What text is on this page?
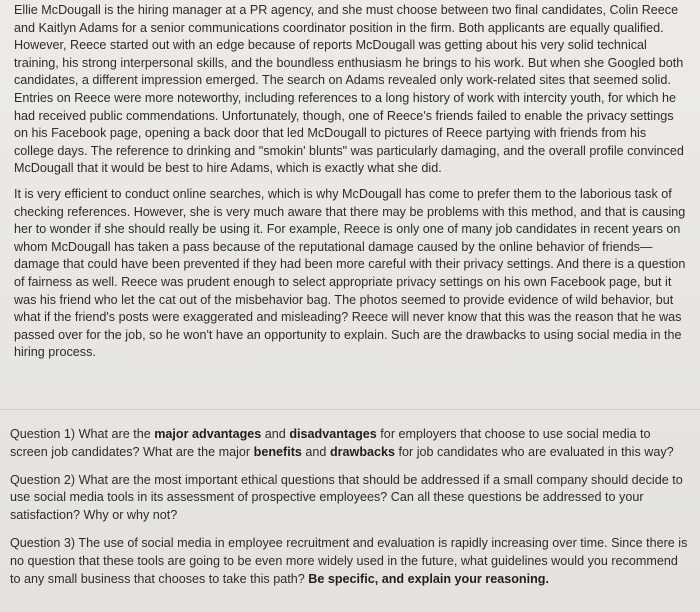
Ellie McDougall is the hiring manager at a PR agency, and she must choose between two final candidates, Colin Reece and Kaitlyn Adams for a senior communications coordinator position in the firm. Both applicants are equally qualified. However, Reece started out with an edge because of reports McDougall was getting about his very solid technical training, his strong interpersonal skills, and the boundless enthusiasm he brings to his work. But when she Googled both candidates, a different impression emerged. The search on Adams revealed only work-related sites that seemed solid. Entries on Reece were more noteworthy, including references to a long history of work with intercity youth, for which he had received public commendations. Unfortunately, though, one of Reece's friends failed to enable the privacy settings on his Facebook page, opening a back door that led McDougall to pictures of Reece partying with friends from his college days. The reference to drinking and "smokin' blunts" was particularly damaging, and the overall profile convinced McDougall that it would be best to hire Adams, which is exactly what she did.

It is very efficient to conduct online searches, which is why McDougall has come to prefer them to the laborious task of checking references. However, she is very much aware that there may be problems with this method, and that is causing her to wonder if she should really be using it. For example, Reece is only one of many job candidates in recent years on whom McDougall has taken a pass because of the reputational damage caused by the online behavior of friends—damage that could have been prevented if they had been more careful with their privacy settings. And there is a question of fairness as well. Reece was prudent enough to select appropriate privacy settings on his own Facebook page, but it was his friend who let the cat out of the misbehavior bag. The photos seemed to provide evidence of wild behavior, but what if the friend's posts were exaggerated and misleading? Reece will never know that this was the reason that he was passed over for the job, so he won't have an opportunity to explain. Such are the drawbacks to using social media in the hiring process.

Question 1) What are the major advantages and disadvantages for employers that choose to use social media to screen job candidates? What are the major benefits and drawbacks for job candidates who are evaluated in this way?

Question 2) What are the most important ethical questions that should be addressed if a small company should decide to use social media tools in its assessment of prospective employees? Can all these questions be addressed to your satisfaction? Why or why not?

Question 3) The use of social media in employee recruitment and evaluation is rapidly increasing over time. Since there is no question that these tools are going to be even more widely used in the future, what guidelines would you recommend to any small business that chooses to take this path? Be specific, and explain your reasoning.
